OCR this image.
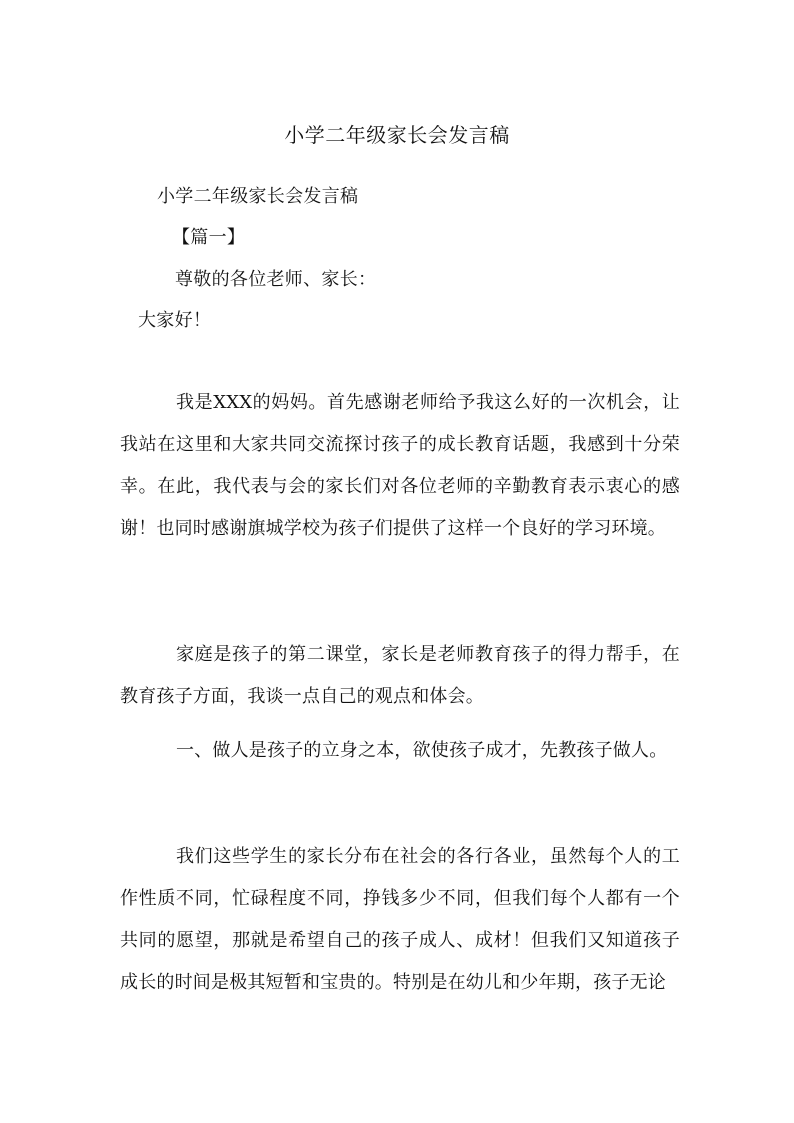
小学二年级家长会发言稿
小学二年级家长会发言稿
【篇一】
尊敬的各位老师、家长：
大家好！
我是XXX的妈妈。首先感谢老师给予我这么好的一次机会，让我站在这里和大家共同交流探讨孩子的成长教育话题，我感到十分荣幸。在此，我代表与会的家长们对各位老师的辛勤教育表示衷心的感谢！也同时感谢旗城学校为孩子们提供了这样一个良好的学习环境。
家庭是孩子的第二课堂，家长是老师教育孩子的得力帮手，在教育孩子方面，我谈一点自己的观点和体会。
一、做人是孩子的立身之本，欲使孩子成才，先教孩子做人。
我们这些学生的家长分布在社会的各行各业，虽然每个人的工作性质不同，忙碌程度不同，挣钱多少不同，但我们每个人都有一个共同的愿望，那就是希望自己的孩子成人、成材！但我们又知道孩子成长的时间是极其短暂和宝贵的。特别是在幼儿和少年期，孩子无论
